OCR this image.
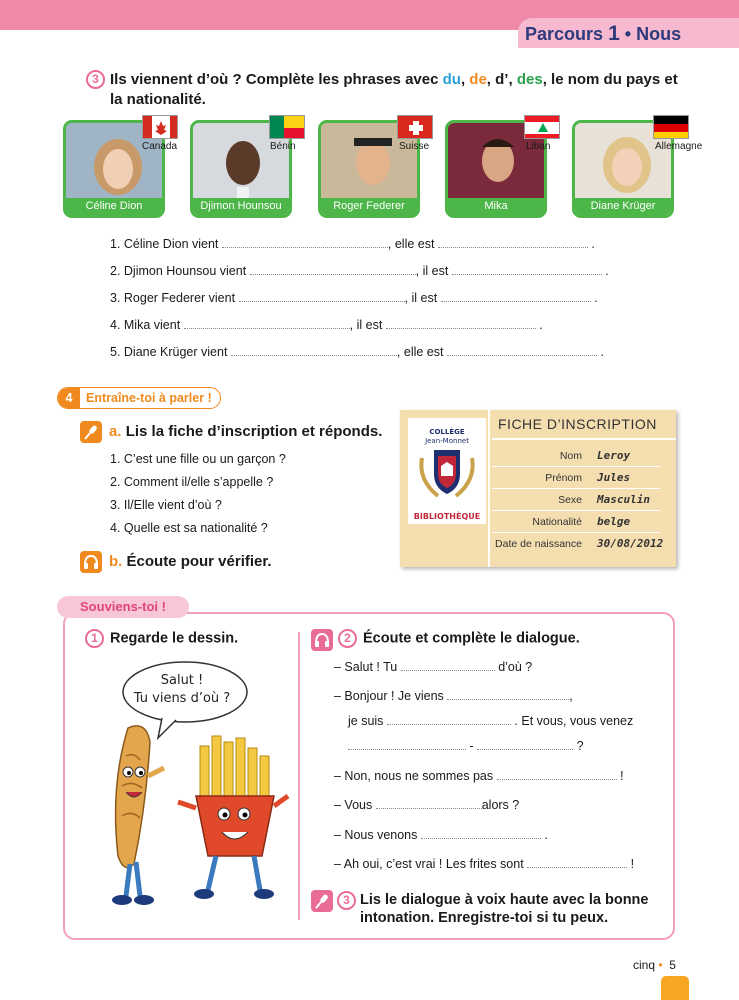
Parcours 1 • Nous
3 Ils viennent d’où ? Complète les phrases avec du, de, d’, des, le nom du pays et la nationalité.
Céline Dion	Djimon Hounsou	Roger Federer	Mika	Diane Krüger
Canada	Bénin	Suisse	Liban	Allemagne
1. Céline Dion vient	, elle est	.
2. Djimon Hounsou vient	, il est	.
3. Roger Federer vient	, il est	.
4. Mika vient	, il est	.
5. Diane Krüger vient	, elle est	.
4 Entraîne-toi à parler !
a. Lis la fiche d’inscription et réponds.
1. C’est une fille ou un garçon ?
2. Comment il/elle s’appelle ?
3. Il/Elle vient d’où ?
4. Quelle est sa nationalité ?
b. Écoute pour vérifier.
COLLÈGE
Jean-Monnet
BIBLIOTHÈQUE
FICHE D’INSCRIPTION
Nom Leroy
Prénom Jules
Sexe Masculin
Nationalité belge
Date de naissance 30/08/2012
Souviens-toi !
1 Regarde le dessin.
Salut !
Tu viens d’où ?
2 Écoute et complète le dialogue.
– Salut ! Tu	d’où ?
– Bonjour ! Je viens	,
je suis	. Et vous, vous venez
-	?
– Non, nous ne sommes pas	!
– Vous	alors ?
– Nous venons	.
– Ah oui, c’est vrai ! Les frites sont	!
3 Lis le dialogue à voix haute avec la bonne
intonation. Enregistre-toi si tu peux.
cinq • 5
